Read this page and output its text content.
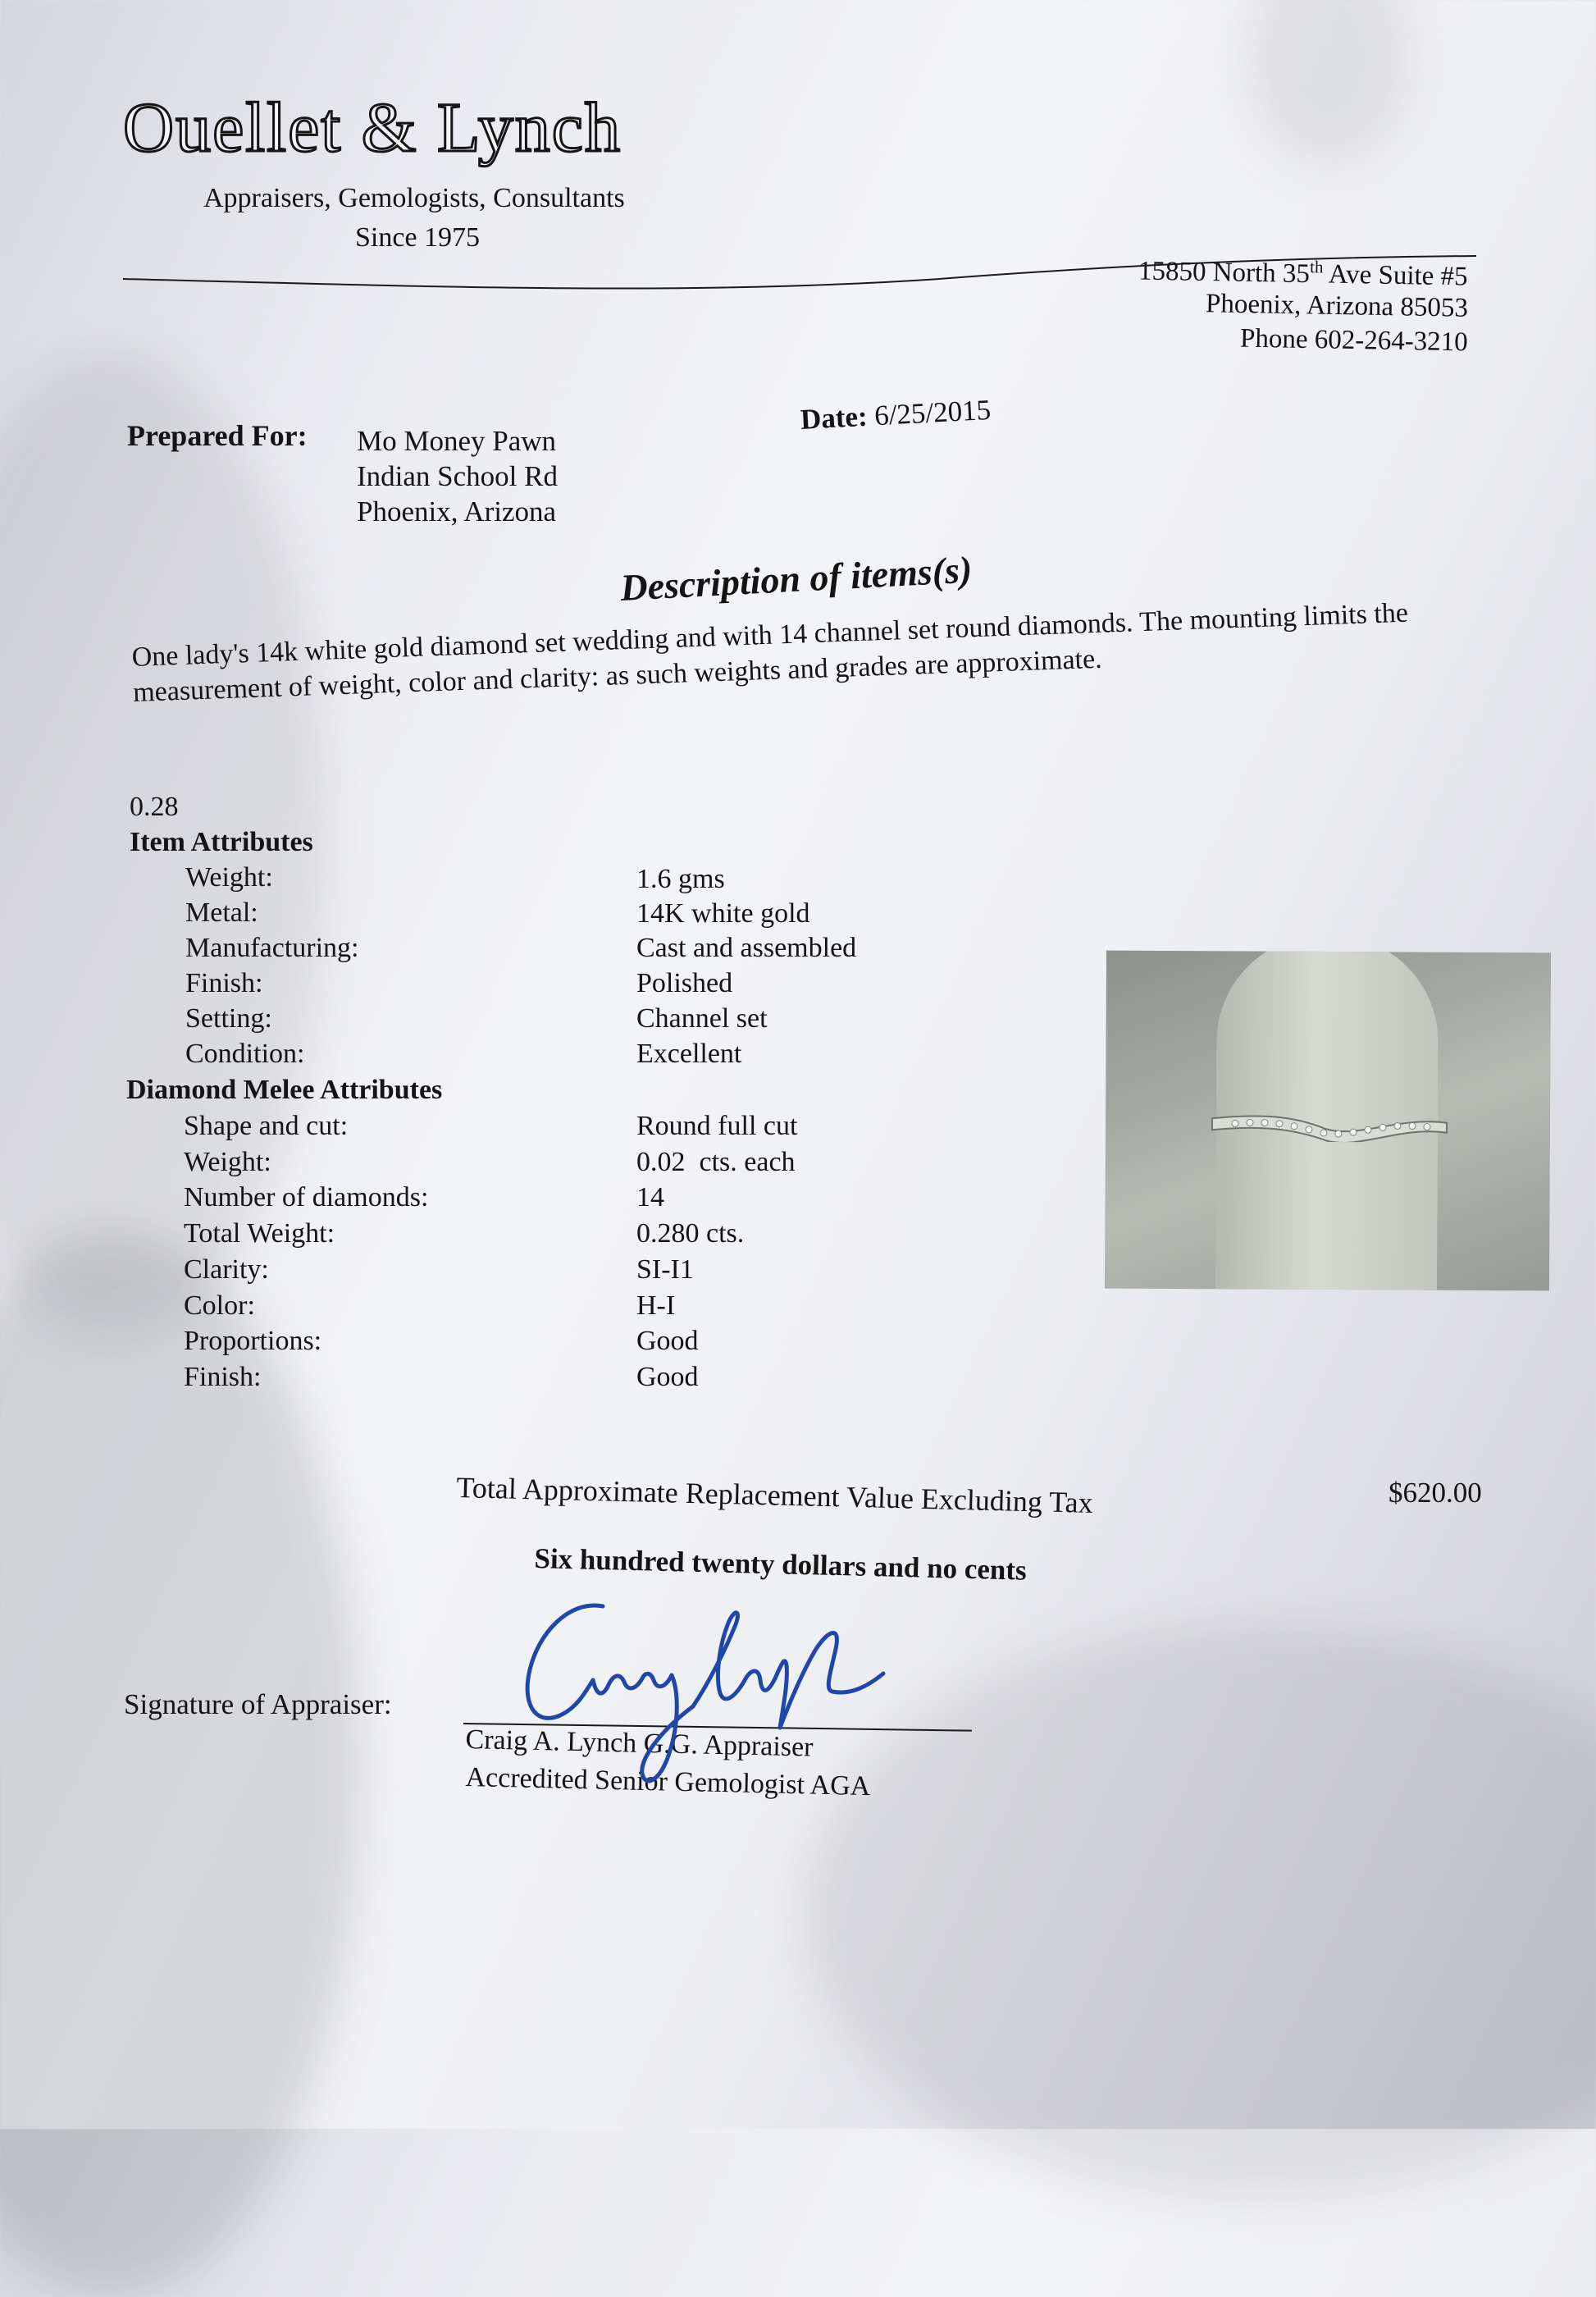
Ouellet & Lynch
Appraisers, Gemologists, Consultants
Since 1975
15850 North 35th Ave Suite #5
Phoenix, Arizona 85053
Phone 602-264-3210
Prepared For: Mo Money Pawn
Indian School Rd
Phoenix, Arizona
Date: 6/25/2015
Description of items(s)
One lady's 14k white gold diamond set wedding and with 14 channel set round diamonds. The mounting limits the measurement of weight, color and clarity: as such weights and grades are approximate.
0.28
Item Attributes
Weight:	1.6 gms
Metal:	14K white gold
Manufacturing:	Cast and assembled
Finish:	Polished
Setting:	Channel set
Condition:	Excellent
Diamond Melee Attributes
Shape and cut:	Round full cut
Weight:	0.02  cts. each
Number of diamonds:	14
Total Weight:	0.280 cts.
Clarity:	SI-I1
Color:	H-I
Proportions:	Good
Finish:	Good
Total Approximate Replacement Value Excluding Tax	$620.00
Six hundred twenty dollars and no cents
Signature of Appraiser:
Craig A. Lynch G.G. Appraiser
Accredited Senior Gemologist AGA
